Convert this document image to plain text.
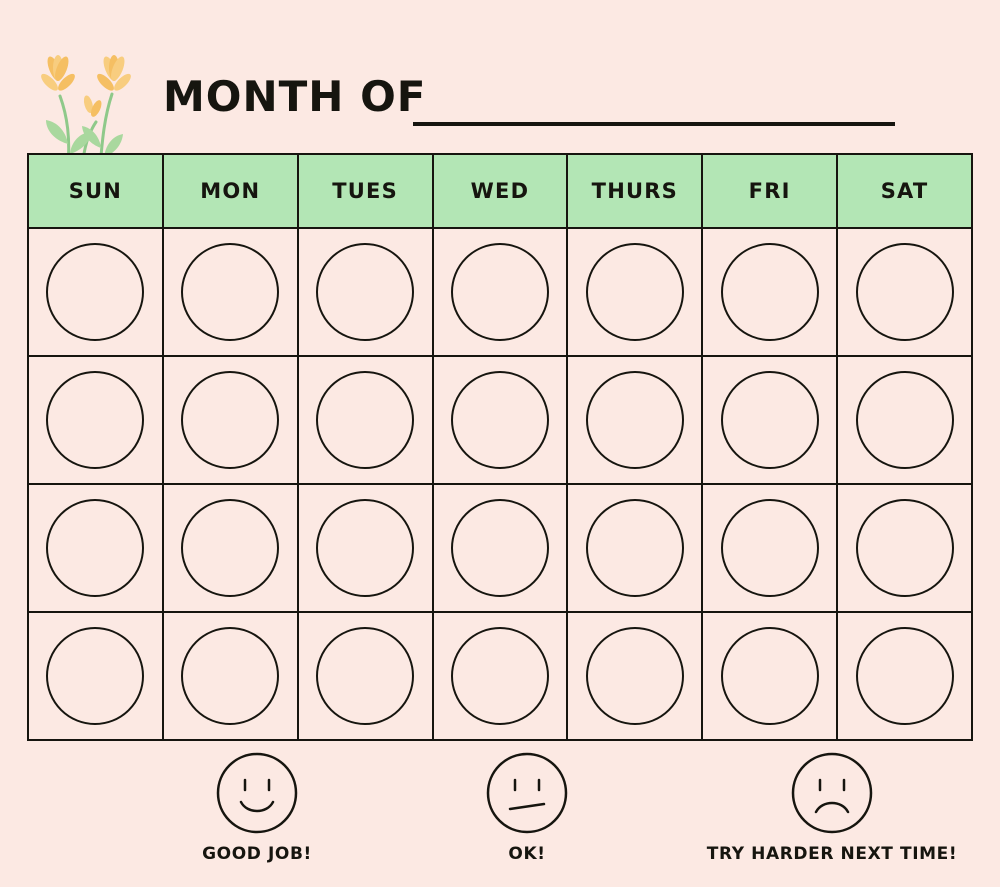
MONTH OF
SUN	MON	TUES	WED	THURS	FRI	SAT

GOOD JOB!	OK!	TRY HARDER NEXT TIME!
